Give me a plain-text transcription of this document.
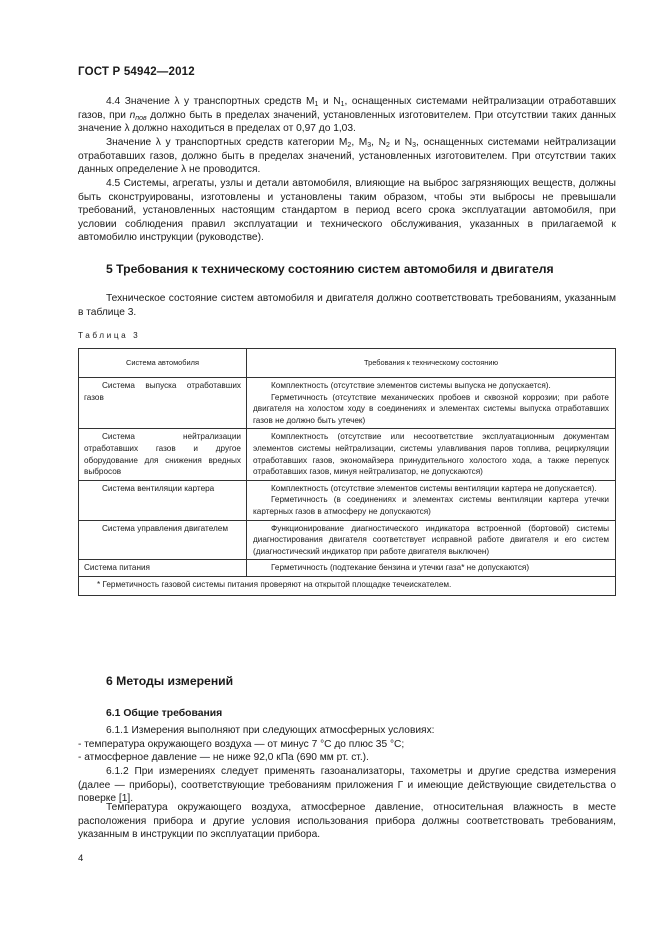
ГОСТ Р 54942—2012

4.4 Значение λ у транспортных средств $M_1$ и $N_1$, оснащенных системами нейтрализации отработавших газов, при $n_{пов}$ должно быть в пределах значений, установленных изготовителем. При отсутствии таких данных значение λ должно находиться в пределах от 0,97 до 1,03.

Значение λ у транспортных средств категории $M_2$, $M_3$, $N_2$ и $N_3$, оснащенных системами нейтрализации отработавших газов, должно быть в пределах значений, установленных изготовителем. При отсутствии таких данных определение λ не проводится.

4.5 Системы, агрегаты, узлы и детали автомобиля, влияющие на выброс загрязняющих веществ, должны быть сконструированы, изготовлены и установлены таким образом, чтобы эти выбросы не превышали требований, установленных настоящим стандартом в период всего срока эксплуатации автомобиля, при условии соблюдения правил эксплуатации и технического обслуживания, указанных в прилагаемой к автомобилю инструкции (руководстве).

5 Требования к техническому состоянию систем автомобиля и двигателя

Техническое состояние систем автомобиля и двигателя должно соответствовать требованиям, указанным в таблице 3.

Таблица 3
Система автомобиля	Требования к техническому состоянию
Система выпуска отработавших газов	Комплектность (отсутствие элементов системы выпуска не допускается).
Герметичность (отсутствие механических пробоев и сквозной коррозии; при работе двигателя на холостом ходу в соединениях и элементах системы выпуска отработавших газов не должно быть утечек)

Система нейтрализации отработавших газов и другое оборудование для снижения вредных выбросов	Комплектность (отсутствие или несоответствие эксплуатационным документам элементов системы нейтрализации, системы улавливания паров топлива, рециркуляции отработавших газов, экономайзера принудительного холостого хода, а также перепуск отработавших газов, минуя нейтрализатор, не допускаются)

Система вентиляции картера	Комплектность (отсутствие элементов системы вентиляции картера не допускается).
Герметичность (в соединениях и элементах системы вентиляции картера утечки картерных газов в атмосферу не допускаются)

Система управления двигателем	Функционирование диагностического индикатора встроенной (бортовой) системы диагностирования двигателя соответствует исправной работе двигателя и его систем (диагностический индикатор при работе двигателя выключен)

Система питания	Герметичность (подтекание бензина и утечки газа* не допускаются)

* Герметичность газовой системы питания проверяют на открытой площадке течеискателем.	
6 Методы измерений
6.1 Общие требования

6.1.1 Измерения выполняют при следующих атмосферных условиях:

- температура окружающего воздуха — от минус 7 °С до плюс 35 °С;

- атмосферное давление — не ниже 92,0 кПа (690 мм рт. ст.).

6.1.2 При измерениях следует применять газоанализаторы, тахометры и другие средства измерения (далее — приборы), соответствующие требованиям приложения Г и имеющие действующие свидетельства о поверке [1].

Температура окружающего воздуха, атмосферное давление, относительная влажность в месте расположения прибора и другие условия использования прибора должны соответствовать требованиям, указанным в инструкции по эксплуатации прибора.

4
